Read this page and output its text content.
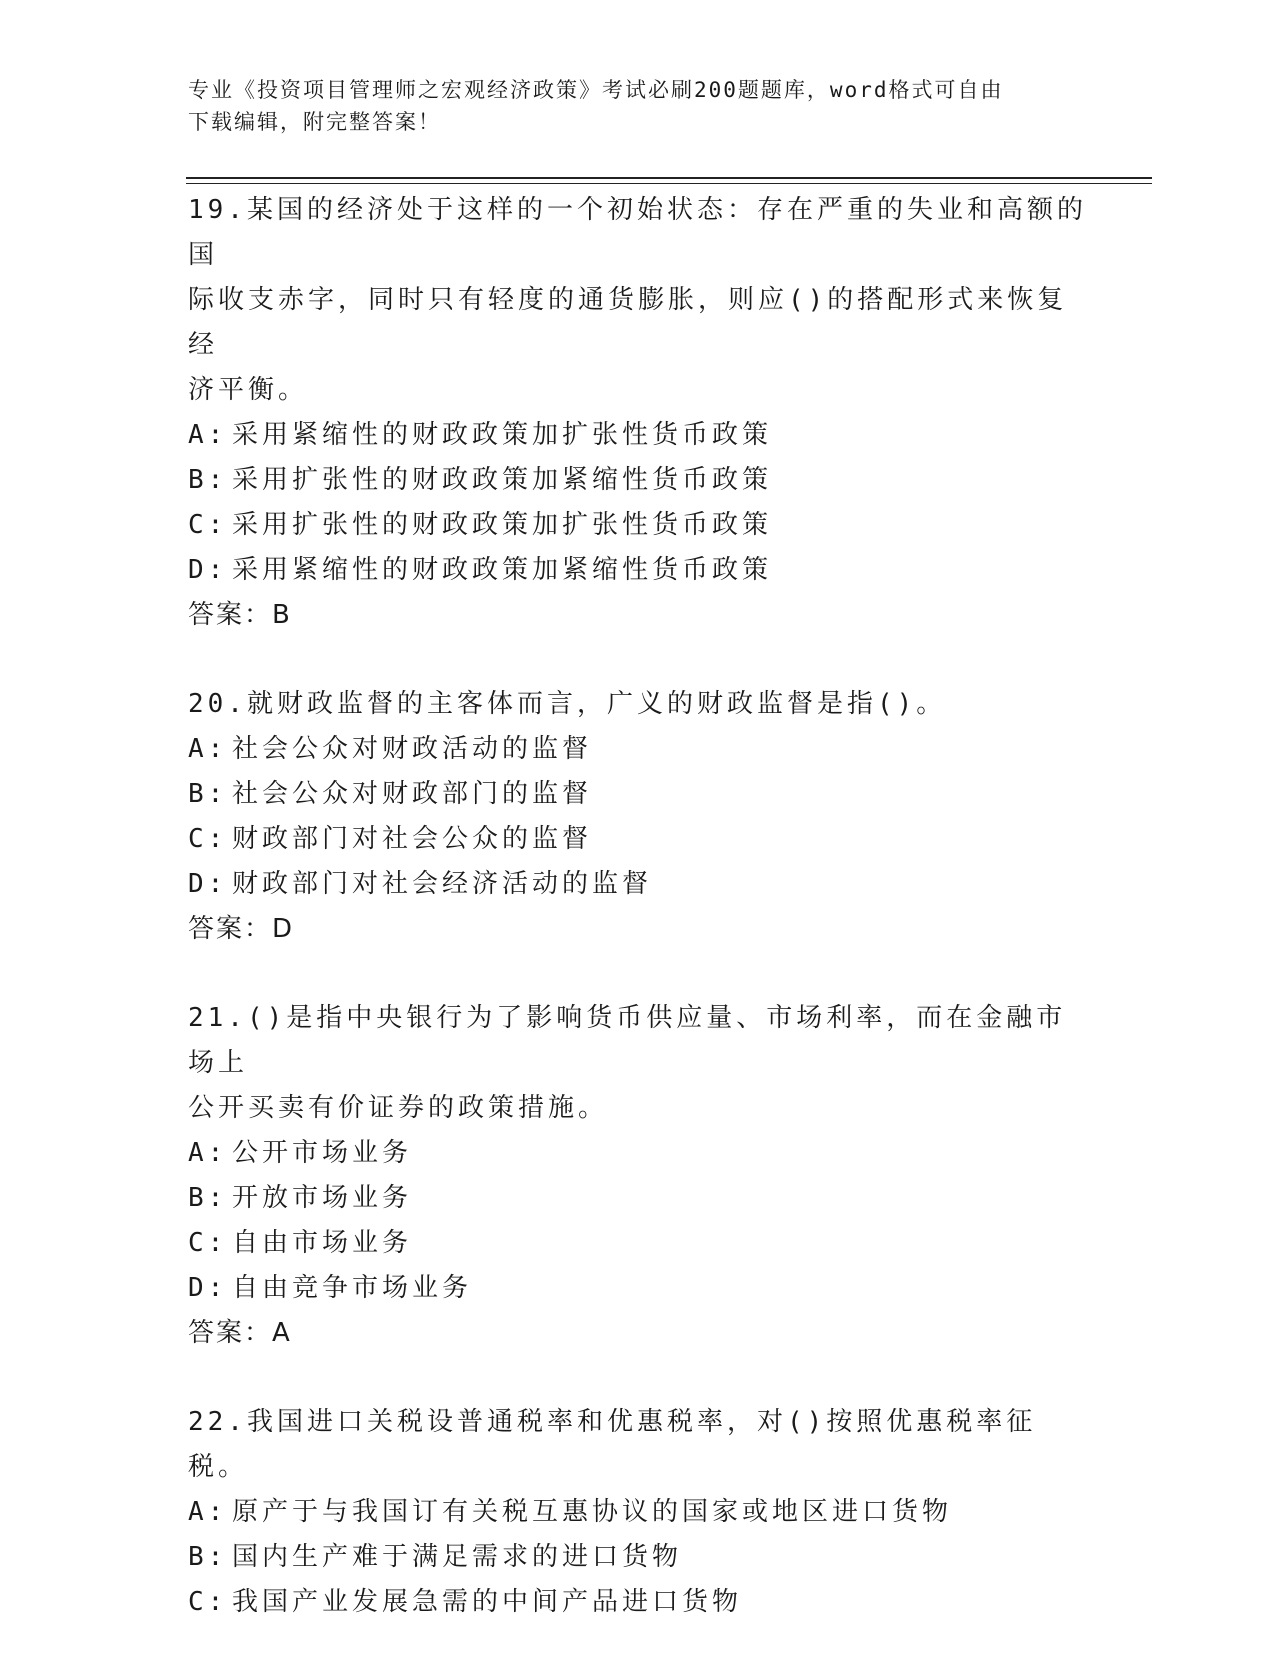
专业《投资项目管理师之宏观经济政策》考试必刷200题题库，word格式可自由
下载编辑，附完整答案！
19.某国的经济处于这样的一个初始状态：存在严重的失业和高额的国
际收支赤字，同时只有轻度的通货膨胀，则应()的搭配形式来恢复经
济平衡。
A: 采用紧缩性的财政政策加扩张性货币政策
B: 采用扩张性的财政政策加紧缩性货币政策
C: 采用扩张性的财政政策加扩张性货币政策
D: 采用紧缩性的财政政策加紧缩性货币政策
答案：B
20.就财政监督的主客体而言，广义的财政监督是指()。
A: 社会公众对财政活动的监督
B: 社会公众对财政部门的监督
C: 财政部门对社会公众的监督
D: 财政部门对社会经济活动的监督
答案：D
21.()是指中央银行为了影响货币供应量、市场利率，而在金融市场上
公开买卖有价证券的政策措施。
A: 公开市场业务
B: 开放市场业务
C: 自由市场业务
D: 自由竞争市场业务
答案：A
22.我国进口关税设普通税率和优惠税率，对()按照优惠税率征税。
A: 原产于与我国订有关税互惠协议的国家或地区进口货物
B: 国内生产难于满足需求的进口货物
C: 我国产业发展急需的中间产品进口货物
